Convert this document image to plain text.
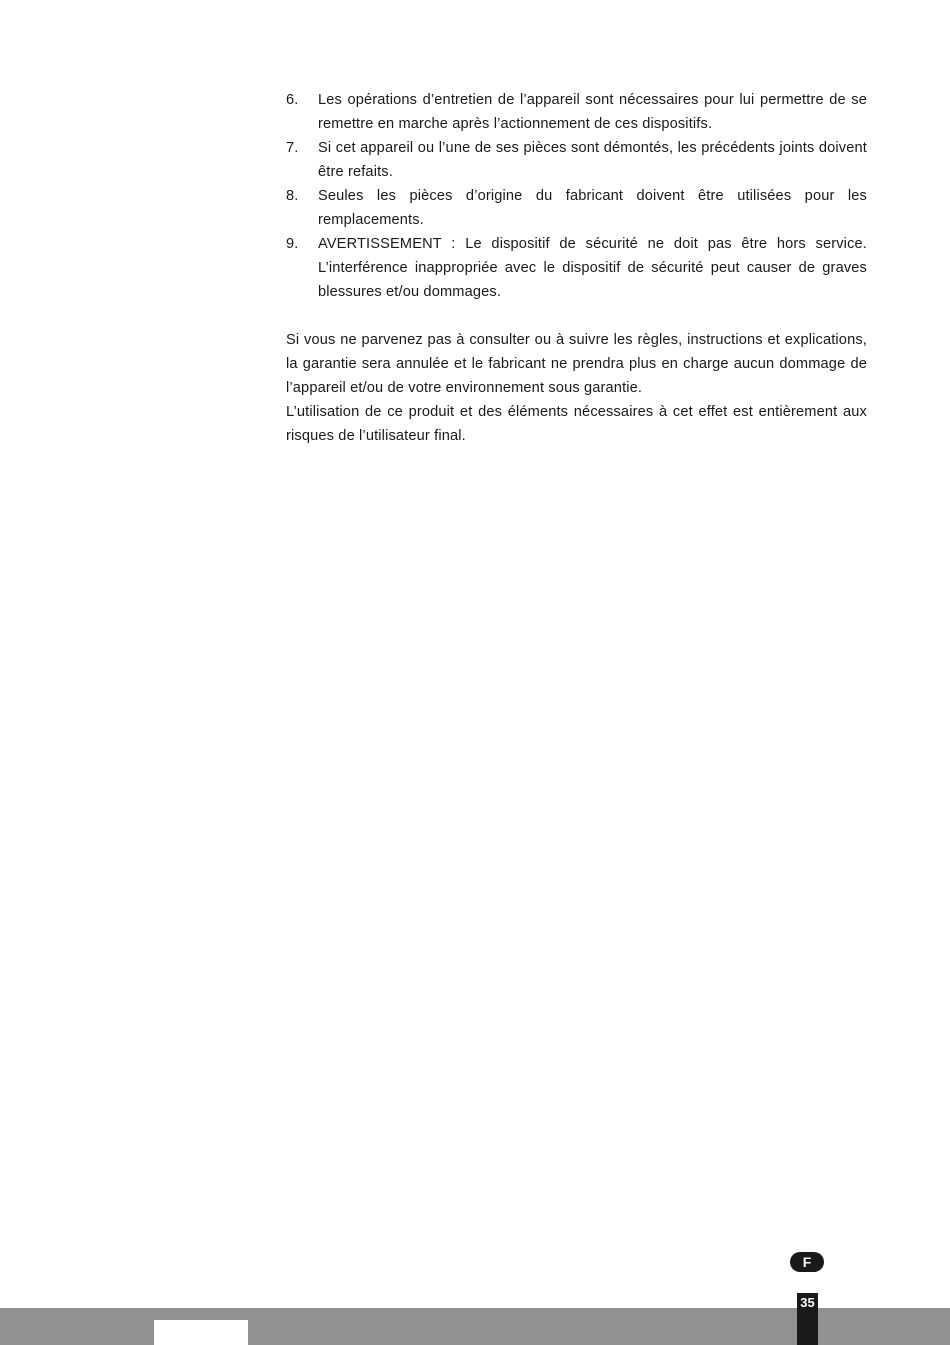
6.	Les opérations d’entretien de l’appareil sont nécessaires pour lui permettre de se remettre en marche après l’actionnement de ces dispositifs.
7.	Si cet appareil ou l’une de ses pièces sont démontés, les précédents joints doivent être refaits.
8.	Seules les pièces d’origine du fabricant doivent être utilisées pour les remplacements.
9.	AVERTISSEMENT : Le dispositif de sécurité ne doit pas être hors service. L’interférence inappropriée avec le dispositif de sécurité peut causer de graves blessures et/ou dommages.

Si vous ne parvenez pas à consulter ou à suivre les règles, instructions et explications, la garantie sera annulée et le fabricant ne prendra plus en charge aucun dommage de l’appareil et/ou de votre environnement sous garantie.

L’utilisation de ce produit et des éléments nécessaires à cet effet est entièrement aux risques de l’utilisateur final.

F
35
